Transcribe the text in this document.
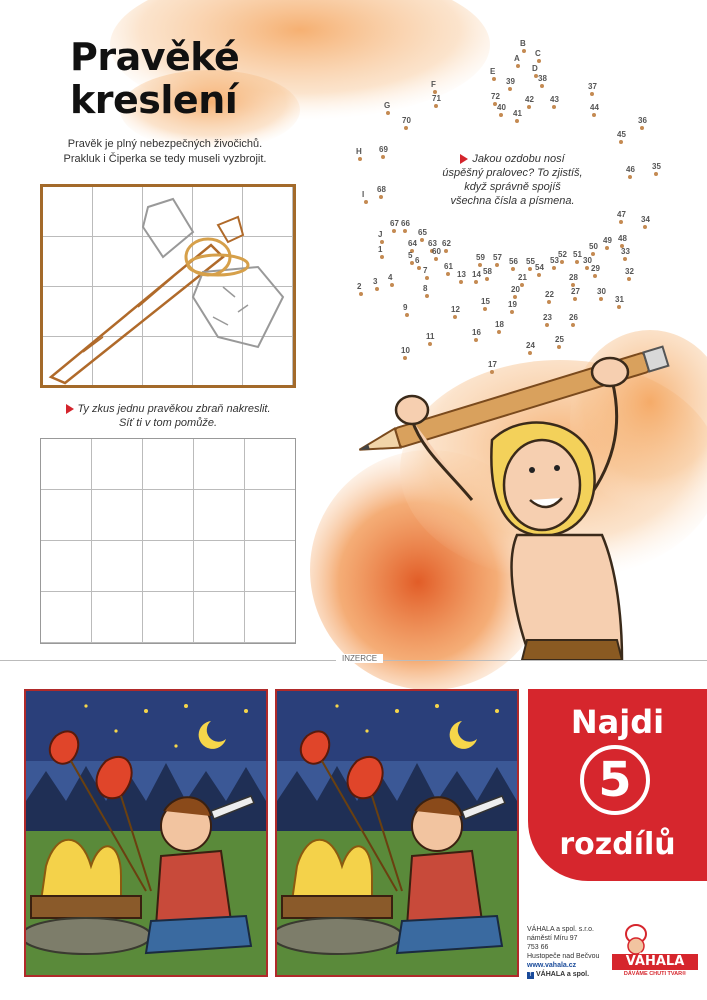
Pravěké
kreslení
Pravěk je plný nebezpečných živočichů.
Prakluk i Čiperka se tedy museli vyzbrojit.
Ty zkus jednu pravěkou zbraň nakreslit.
Síť ti v tom pomůže.
Jakou ozdobu nosí
úspěšný pralovec? To zjistíš,
když správně spojíš
všechna čísla a písmena.
B
C
A
D
E
39	38
F
72	42 43
37
71
40
41
44
G
70	36
45
H 69
46 35
I
68
47
34
67 66
J	65
64 63 62	49 48
50
33
5 60
6
1
59 57 56 55
52 51
53	30
54	29	32
7 61
13 14 58
3 4
2
28
21
20
22 27 30
8
15 19
31
12
9
23 26
16
18
11	25
24
10
17
INZERCE
Najdi
5
rozdílů
VÁHALA a spol. s.r.o.
náměstí Míru 97
753 66
Hustopeče nad Bečvou
www.vahala.cz
f VÁHALA a spol.
VÁHALA
DÁVÁME CHUTI TVAR®
